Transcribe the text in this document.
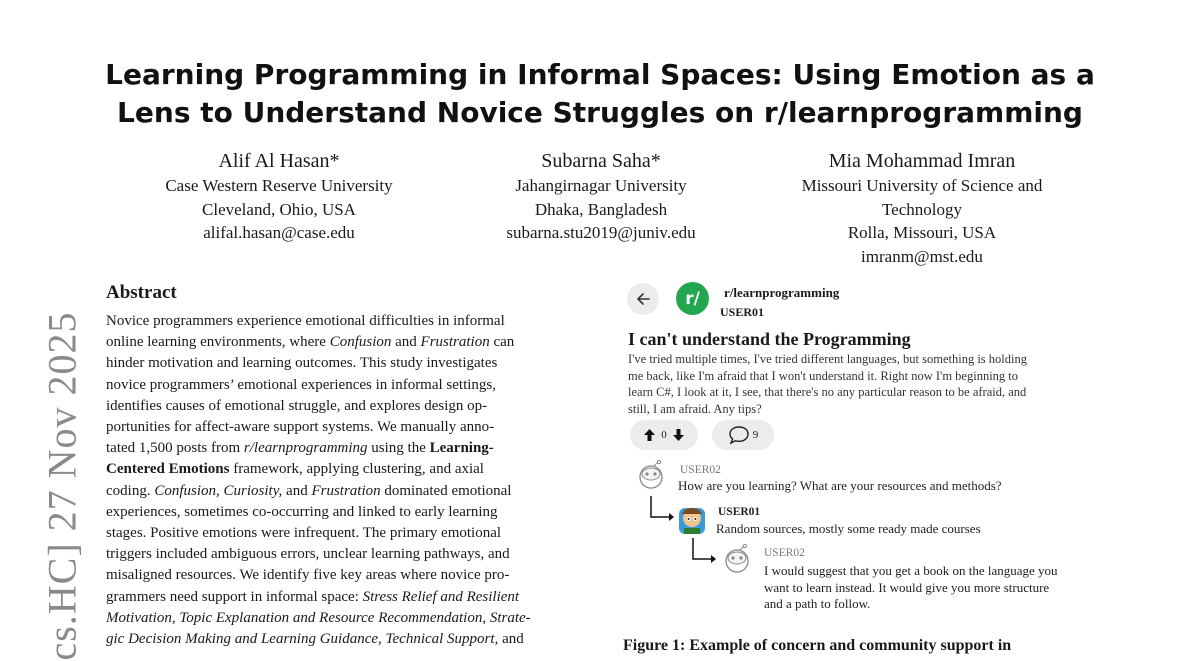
Learning Programming in Informal Spaces: Using Emotion as a
Lens to Understand Novice Struggles on r/learnprogramming
Alif Al Hasan*
Case Western Reserve University
Cleveland, Ohio, USA
alifal.hasan@case.edu
Subarna Saha*
Jahangirnagar University
Dhaka, Bangladesh
subarna.stu2019@juniv.edu
Mia Mohammad Imran
Missouri University of Science and
Technology
Rolla, Missouri, USA
imranm@mst.edu
cs.HC] 27 Nov 2025
Abstract
Novice programmers experience emotional difficulties in informal
online learning environments, where Confusion and Frustration can
hinder motivation and learning outcomes. This study investigates
novice programmers’ emotional experiences in informal settings,
identifies causes of emotional struggle, and explores design op-
portunities for affect-aware support systems. We manually anno-
tated 1,500 posts from r/learnprogramming using the Learning-
Centered Emotions framework, applying clustering, and axial
coding. Confusion, Curiosity, and Frustration dominated emotional
experiences, sometimes co-occurring and linked to early learning
stages. Positive emotions were infrequent. The primary emotional
triggers included ambiguous errors, unclear learning pathways, and
misaligned resources. We identify five key areas where novice pro-
grammers need support in informal space: Stress Relief and Resilient
Motivation, Topic Explanation and Resource Recommendation, Strate-
gic Decision Making and Learning Guidance, Technical Support, and
r/	r/learnprogramming
USER01
I can't understand the Programming
I've tried multiple times, I've tried different languages, but something is holding
me back, like I'm afraid that I won't understand it. Right now I'm beginning to
learn C#, I look at it, I see, that there's no any particular reason to be afraid, and
still, I am afraid. Any tips?
0	9
USER02
How are you learning? What are your resources and methods?
USER01
Random sources, mostly some ready made courses
USER02
I would suggest that you get a book on the language you
want to learn instead. It would give you more structure
and a path to follow.
Figure 1: Example of concern and community support in
